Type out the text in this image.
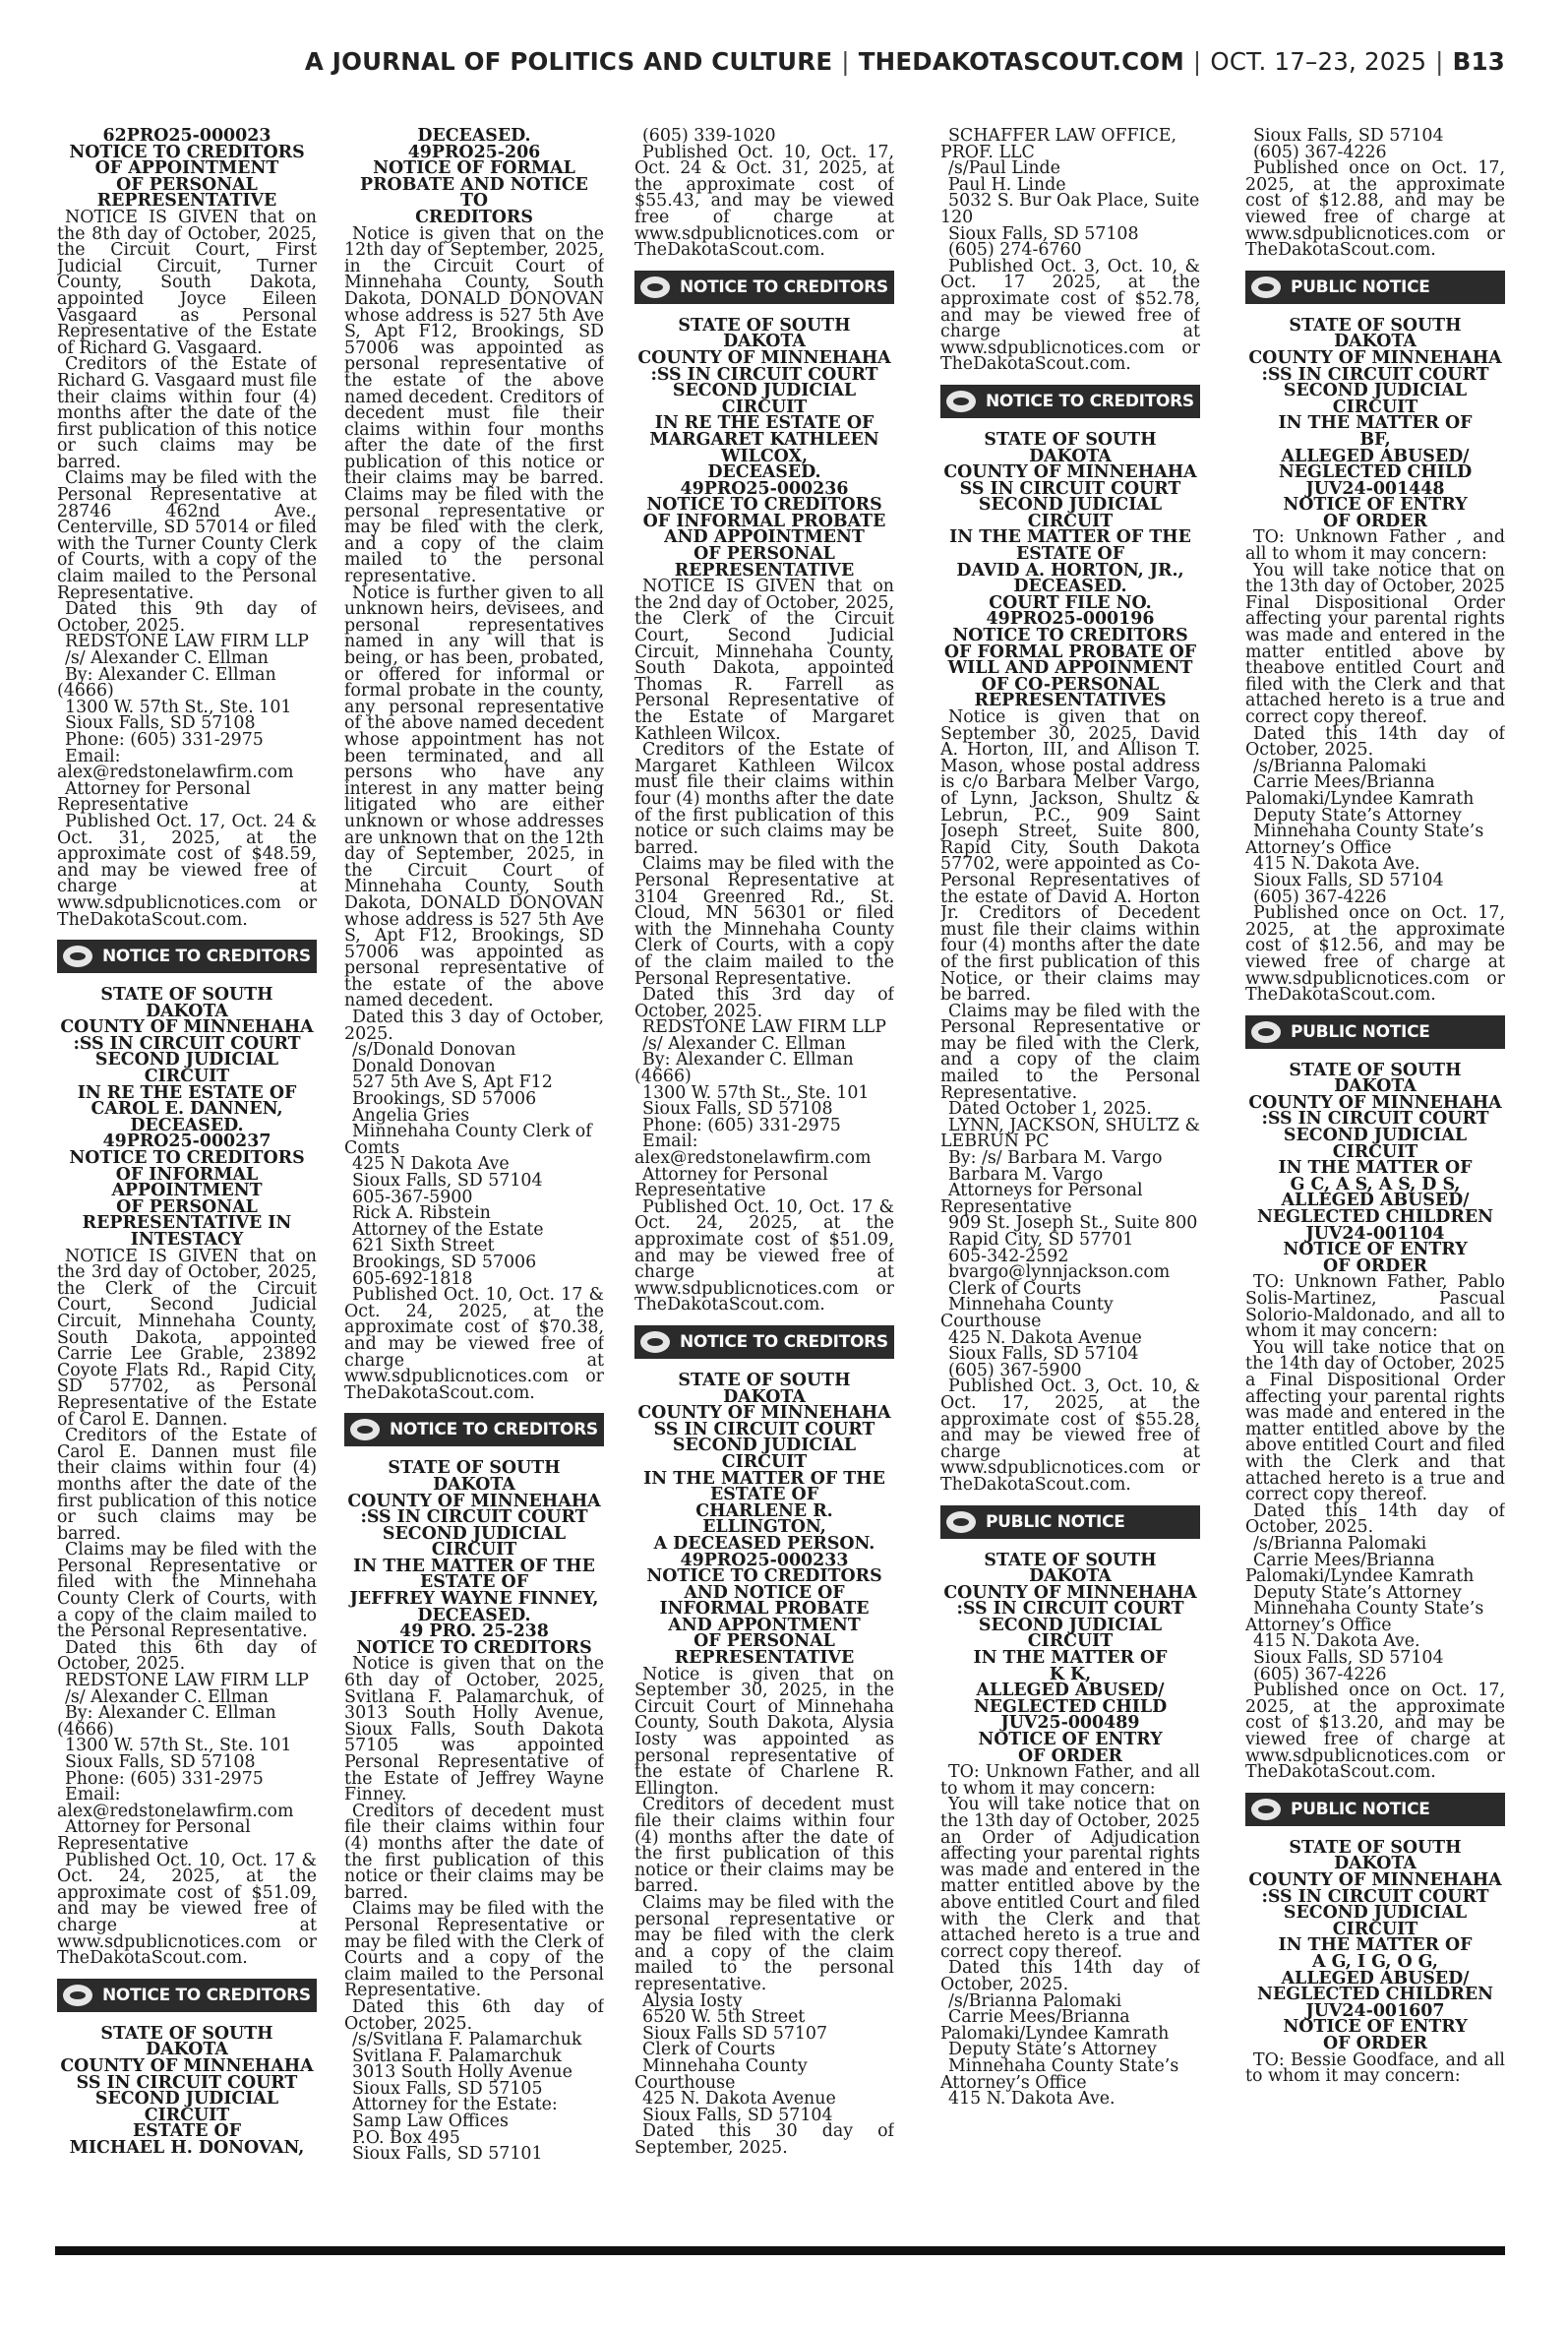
A JOURNAL OF POLITICS AND CULTURE | THEDAKOTASCOUT.COM | OCT. 17–23, 2025 | B13
62PRO25-000023
NOTICE TO CREDITORS
OF APPOINTMENT
OF PERSONAL
REPRESENTATIVE
NOTICE IS GIVEN that on the 8th day of October, 2025, the Circuit Court, First Judicial Circuit, Turner County, South Dakota, appointed Joyce Eileen Vasgaard as Personal Representative of the Estate of Richard G. Vasgaard.
Creditors of the Estate of Richard G. Vasgaard must file their claims within four (4) months after the date of the first publication of this notice or such claims may be barred.
Claims may be filed with the Personal Representative at 28746 462nd Ave., Centerville, SD 57014 or filed with the Turner County Clerk of Courts, with a copy of the claim mailed to the Personal Representative.
Dated this 9th day of October, 2025.
REDSTONE LAW FIRM LLP
/s/ Alexander C. Ellman
By: Alexander C. Ellman (4666)
1300 W. 57th St., Ste. 101
Sioux Falls, SD 57108
Phone: (605) 331-2975
Email: alex@redstonelawfirm.com
Attorney for Personal Representative
Published Oct. 17, Oct. 24 & Oct. 31, 2025, at the approximate cost of $48.59, and may be viewed free of charge at www.sdpublicnotices.com or TheDakotaScout.com.
NOTICE TO CREDITORS
STATE OF SOUTH DAKOTA
COUNTY OF MINNEHAHA
:SS IN CIRCUIT COURT
SECOND JUDICIAL
CIRCUIT
IN RE THE ESTATE OF
CAROL E. DANNEN,
DECEASED.
49PRO25-000237
NOTICE TO CREDITORS
OF INFORMAL
APPOINTMENT
OF PERSONAL
REPRESENTATIVE IN
INTESTACY
NOTICE IS GIVEN that on the 3rd day of October, 2025, the Clerk of the Circuit Court, Second Judicial Circuit, Minnehaha County, South Dakota, appointed Carrie Lee Grable, 23892 Coyote Flats Rd., Rapid City, SD 57702, as Personal Representative of the Estate of Carol E. Dannen.
Creditors of the Estate of Carol E. Dannen must file their claims within four (4) months after the date of the first publication of this notice or such claims may be barred.
Claims may be filed with the Personal Representative or filed with the Minnehaha County Clerk of Courts, with a copy of the claim mailed to the Personal Representative.
Dated this 6th day of October, 2025.
REDSTONE LAW FIRM LLP
/s/ Alexander C. Ellman
By: Alexander C. Ellman (4666)
1300 W. 57th St., Ste. 101
Sioux Falls, SD 57108
Phone: (605) 331-2975
Email: alex@redstonelawfirm.com
Attorney for Personal Representative
Published Oct. 10, Oct. 17 & Oct. 24, 2025, at the approximate cost of $51.09, and may be viewed free of charge at www.sdpublicnotices.com or TheDakotaScout.com.
NOTICE TO CREDITORS
STATE OF SOUTH DAKOTA
COUNTY OF MINNEHAHA
SS IN CIRCUIT COURT
SECOND JUDICIAL
CIRCUIT
ESTATE OF
MICHAEL H. DONOVAN,
DECEASED.
49PRO25-206
NOTICE OF FORMAL
PROBATE AND NOTICE TO
CREDITORS
Notice is given that on the 12th day of September, 2025, in the Circuit Court of Minnehaha County, South Dakota, DONALD DONOVAN whose address is 527 5th Ave S, Apt F12, Brookings, SD 57006 was appointed as personal representative of the estate of the above named decedent. Creditors of decedent must file their claims within four months after the date of the first publication of this notice or their claims may be barred. Claims may be filed with the personal representative or may be filed with the clerk, and a copy of the claim mailed to the personal representative.
Notice is further given to all unknown heirs, devisees, and personal representatives named in any will that is being, or has been, probated, or offered for informal or formal probate in the county, any personal representative of the above named decedent whose appointment has not been terminated, and all persons who have any interest in any matter being litigated who are either unknown or whose addresses are unknown that on the 12th day of September, 2025, in the Circuit Court of Minnehaha County, South Dakota, DONALD DONOVAN whose address is 527 5th Ave S, Apt F12, Brookings, SD 57006 was appointed as personal representative of the estate of the above named decedent.
Dated this 3 day of October, 2025.
/s/Donald Donovan
Donald Donovan
527 5th Ave S, Apt F12
Brookings, SD 57006
Angelia Gries
Minnehaha County Clerk of Comts
425 N Dakota Ave
Sioux Falls, SD 57104
605-367-5900
Rick A. Ribstein
Attorney of the Estate
621 Sixth Street
Brookings, SD 57006
605-692-1818
Published Oct. 10, Oct. 17 & Oct. 24, 2025, at the approximate cost of $70.38, and may be viewed free of charge at www.sdpublicnotices.com or TheDakotaScout.com.
NOTICE TO CREDITORS
STATE OF SOUTH DAKOTA
COUNTY OF MINNEHAHA
:SS IN CIRCUIT COURT
SECOND JUDICIAL
CIRCUIT
IN THE MATTER OF THE
ESTATE OF
JEFFREY WAYNE FINNEY,
DECEASED.
49 PRO. 25-238
NOTICE TO CREDITORS
Notice is given that on the 6th day of October, 2025, Svitlana F. Palamarchuk, of 3013 South Holly Avenue, Sioux Falls, South Dakota 57105 was appointed Personal Representative of the Estate of Jeffrey Wayne Finney.
Creditors of decedent must file their claims within four (4) months after the date of the first publication of this notice or their claims may be barred.
Claims may be filed with the Personal Representative or may be filed with the Clerk of Courts and a copy of the claim mailed to the Personal Representative.
Dated this 6th day of October, 2025.
/s/Svitlana F. Palamarchuk
Svitlana F. Palamarchuk
3013 South Holly Avenue
Sioux Falls, SD 57105
Attorney for the Estate:
Samp Law Offices
P.O. Box 495
Sioux Falls, SD 57101
(605) 339-1020
Published Oct. 10, Oct. 17, Oct. 24 & Oct. 31, 2025, at the approximate cost of $55.43, and may be viewed free of charge at www.sdpublicnotices.com or TheDakotaScout.com.
NOTICE TO CREDITORS
STATE OF SOUTH DAKOTA
COUNTY OF MINNEHAHA
:SS IN CIRCUIT COURT
SECOND JUDICIAL
CIRCUIT
IN RE THE ESTATE OF
MARGARET KATHLEEN
WILCOX,
DECEASED.
49PRO25-000236
NOTICE TO CREDITORS
OF INFORMAL PROBATE
AND APPOINTMENT
OF PERSONAL
REPRESENTATIVE
NOTICE IS GIVEN that on the 2nd day of October, 2025, the Clerk of the Circuit Court, Second Judicial Circuit, Minnehaha County, South Dakota, appointed Thomas R. Farrell as Personal Representative of the Estate of Margaret Kathleen Wilcox.
Creditors of the Estate of Margaret Kathleen Wilcox must file their claims within four (4) months after the date of the first publication of this notice or such claims may be barred.
Claims may be filed with the Personal Representative at 3104 Greenred Rd., St. Cloud, MN 56301 or filed with the Minnehaha County Clerk of Courts, with a copy of the claim mailed to the Personal Representative.
Dated this 3rd day of October, 2025.
REDSTONE LAW FIRM LLP
/s/ Alexander C. Ellman
By: Alexander C. Ellman (4666)
1300 W. 57th St., Ste. 101
Sioux Falls, SD 57108
Phone: (605) 331-2975
Email: alex@redstonelawfirm.com
Attorney for Personal Representative
Published Oct. 10, Oct. 17 & Oct. 24, 2025, at the approximate cost of $51.09, and may be viewed free of charge at www.sdpublicnotices.com or TheDakotaScout.com.
NOTICE TO CREDITORS
STATE OF SOUTH DAKOTA
COUNTY OF MINNEHAHA
SS IN CIRCUIT COURT
SECOND JUDICIAL
CIRCUIT
IN THE MATTER OF THE
ESTATE OF
CHARLENE R. ELLINGTON,
A DECEASED PERSON.
49PRO25-000233
NOTICE TO CREDITORS
AND NOTICE OF
INFORMAL PROBATE
AND APPONTMENT
OF PERSONAL
REPRESENTATIVE
Notice is given that on September 30, 2025, in the Circuit Court of Minnehaha County, South Dakota, Alysia Iosty was appointed as personal representative of the estate of Charlene R. Ellington.
Creditors of decedent must file their claims within four (4) months after the date of the first publication of this notice or their claims may be barred.
Claims may be filed with the personal representative or may be filed with the clerk and a copy of the claim mailed to the personal representative.
Alysia Iosty
6520 W. 5th Street
Sioux Falls SD 57107
Clerk of Courts
Minnehaha County Courthouse
425 N. Dakota Avenue
Sioux Falls, SD 57104
Dated this 30 day of September, 2025.
SCHAFFER LAW OFFICE, PROF. LLC
/s/Paul Linde
Paul H. Linde
5032 S. Bur Oak Place, Suite 120
Sioux Falls, SD 57108
(605) 274-6760
Published Oct. 3, Oct. 10, & Oct. 17 2025, at the approximate cost of $52.78, and may be viewed free of charge at www.sdpublicnotices.com or TheDakotaScout.com.
NOTICE TO CREDITORS
STATE OF SOUTH DAKOTA
COUNTY OF MINNEHAHA
SS IN CIRCUIT COURT
SECOND JUDICIAL
CIRCUIT
IN THE MATTER OF THE
ESTATE OF
DAVID A. HORTON, JR.,
DECEASED.
COURT FILE NO.
49PRO25-000196
NOTICE TO CREDITORS
OF FORMAL PROBATE OF
WILL AND APPOINMENT
OF CO-PERSONAL
REPRESENTATIVES
Notice is given that on September 30, 2025, David A. Horton, III, and Allison T. Mason, whose postal address is c/o Barbara Melber Vargo, of Lynn, Jackson, Shultz & Lebrun, P.C., 909 Saint Joseph Street, Suite 800, Rapid City, South Dakota 57702, were appointed as Co-Personal Representatives of the estate of David A. Horton Jr. Creditors of Decedent must file their claims within four (4) months after the date of the first publication of this Notice, or their claims may be barred.
Claims may be filed with the Personal Representative or may be filed with the Clerk, and a copy of the claim mailed to the Personal Representative.
Dated October 1, 2025.
LYNN, JACKSON, SHULTZ & LEBRUN PC
By: /s/ Barbara M. Vargo
Barbara M. Vargo
Attorneys for Personal Representative
909 St. Joseph St., Suite 800
Rapid City, SD 57701
605-342-2592
bvargo@lynnjackson.com
Clerk of Courts
Minnehaha County Courthouse
425 N. Dakota Avenue
Sioux Falls, SD 57104
(605) 367-5900
Published Oct. 3, Oct. 10, & Oct. 17, 2025, at the approximate cost of $55.28, and may be viewed free of charge at www.sdpublicnotices.com or TheDakotaScout.com.
PUBLIC NOTICE
STATE OF SOUTH DAKOTA
COUNTY OF MINNEHAHA
:SS IN CIRCUIT COURT
SECOND JUDICIAL
CIRCUIT
IN THE MATTER OF
K K,
ALLEGED ABUSED/
NEGLECTED CHILD
JUV25-000489
NOTICE OF ENTRY
OF ORDER
TO: Unknown Father, and all to whom it may concern:
You will take notice that on the 13th day of October, 2025 an Order of Adjudication affecting your parental rights was made and entered in the matter entitled above by the above entitled Court and filed with the Clerk and that attached hereto is a true and correct copy thereof.
Dated this 14th day of October, 2025.
/s/Brianna Palomaki
Carrie Mees/Brianna Palomaki/Lyndee Kamrath
Deputy State’s Attorney
Minnehaha County State’s Attorney’s Office
415 N. Dakota Ave.
Sioux Falls, SD 57104
(605) 367-4226
Published once on Oct. 17, 2025, at the approximate cost of $12.88, and may be viewed free of charge at www.sdpublicnotices.com or TheDakotaScout.com.
PUBLIC NOTICE
STATE OF SOUTH DAKOTA
COUNTY OF MINNEHAHA
:SS IN CIRCUIT COURT
SECOND JUDICIAL
CIRCUIT
IN THE MATTER OF
BF,
ALLEGED ABUSED/
NEGLECTED CHILD
JUV24-001448
NOTICE OF ENTRY
OF ORDER
TO: Unknown Father , and all to whom it may concern:
You will take notice that on the 13th day of October, 2025 Final Dispositional Order affecting your parental rights was made and entered in the matter entitled above by theabove entitled Court and filed with the Clerk and that attached hereto is a true and correct copy thereof.
Dated this 14th day of October, 2025.
/s/Brianna Palomaki
Carrie Mees/Brianna Palomaki/Lyndee Kamrath
Deputy State’s Attorney
Minnehaha County State’s Attorney’s Office
415 N. Dakota Ave.
Sioux Falls, SD 57104
(605) 367-4226
Published once on Oct. 17, 2025, at the approximate cost of $12.56, and may be viewed free of charge at www.sdpublicnotices.com or TheDakotaScout.com.
PUBLIC NOTICE
STATE OF SOUTH DAKOTA
COUNTY OF MINNEHAHA
:SS IN CIRCUIT COURT
SECOND JUDICIAL
CIRCUIT
IN THE MATTER OF
G C, A S, A S, D S,
ALLEGED ABUSED/
NEGLECTED CHILDREN
JUV24-001104
NOTICE OF ENTRY
OF ORDER
TO: Unknown Father, Pablo Solis-Martinez, Pascual Solorio-Maldonado, and all to whom it may concern:
You will take notice that on the 14th day of October, 2025 a Final Dispositional Order affecting your parental rights was made and entered in the matter entitled above by the above entitled Court and filed with the Clerk and that attached hereto is a true and correct copy thereof.
Dated this 14th day of October, 2025.
/s/Brianna Palomaki
Carrie Mees/Brianna Palomaki/Lyndee Kamrath
Deputy State’s Attorney
Minnehaha County State’s Attorney’s Office
415 N. Dakota Ave.
Sioux Falls, SD 57104
(605) 367-4226
Published once on Oct. 17, 2025, at the approximate cost of $13.20, and may be viewed free of charge at www.sdpublicnotices.com or TheDakotaScout.com.
PUBLIC NOTICE
STATE OF SOUTH DAKOTA
COUNTY OF MINNEHAHA
:SS IN CIRCUIT COURT
SECOND JUDICIAL
CIRCUIT
IN THE MATTER OF
A G, I G, O G,
ALLEGED ABUSED/
NEGLECTED CHILDREN
JUV24-001607
NOTICE OF ENTRY
OF ORDER
TO: Bessie Goodface, and all to whom it may concern:
